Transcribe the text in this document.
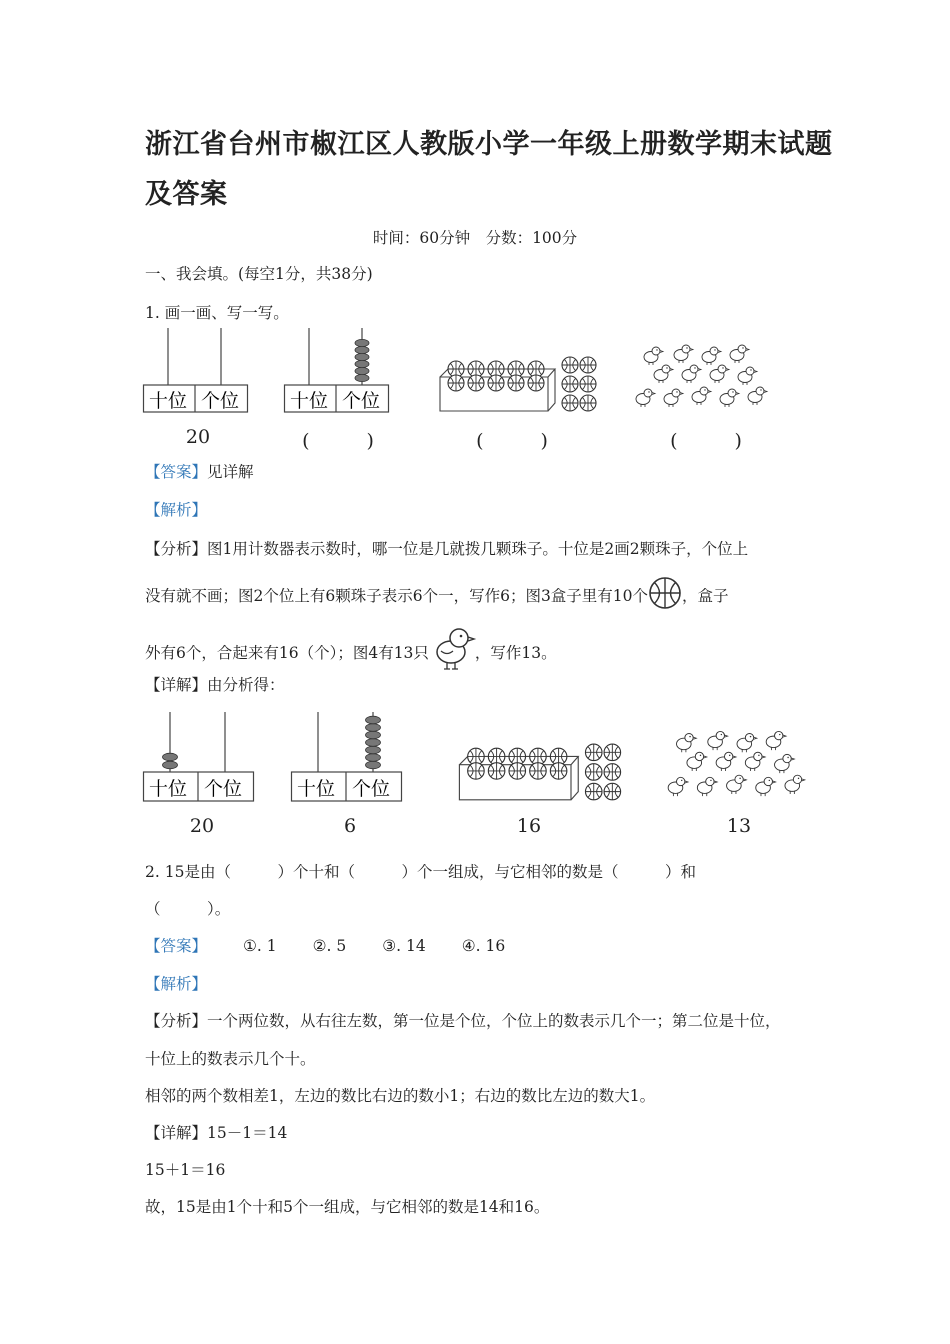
浙江省台州市椒江区人教版小学一年级上册数学期末试题
及答案
时间：60分钟　分数：100分
一、我会填。(每空1分，共38分)
1. 画一画、写一写。
十位 个位	十位 个位
20	(　　　)	(　　　)	(　　　)
【答案】见详解
【解析】
【分析】图1用计数器表示数时，哪一位是几就拨几颗珠子。十位是2画2颗珠子，个位上
没有就不画；图2个位上有6颗珠子表示6个一，写作6；图3盒子里有10个 ，盒子
外有6个，合起来有16（个）；图4有13只	，写作13。
【详解】由分析得：
十位 个位	十位 个位
20	6	16	13
2. 15是由（　　　）个十和（　　　）个一组成，与它相邻的数是（　　　）和
（　　　）。
【答案】 ①. 1 ②. 5 ③. 14 ④. 16
【解析】
【分析】一个两位数，从右往左数，第一位是个位，个位上的数表示几个一；第二位是十位，
十位上的数表示几个十。
相邻的两个数相差1，左边的数比右边的数小1；右边的数比左边的数大1。
【详解】15－1＝14
15＋1＝16
故，15是由1个十和5个一组成，与它相邻的数是14和16。
